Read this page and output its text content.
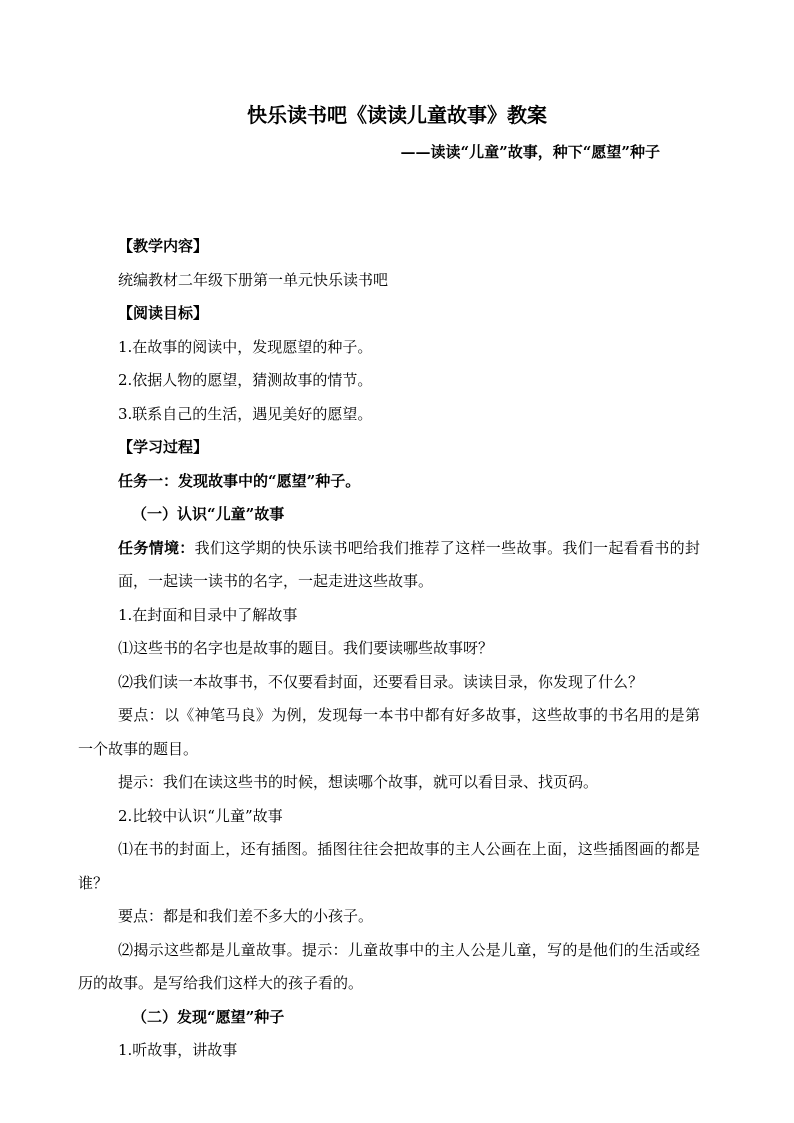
快乐读书吧《读读儿童故事》教案
——读读“儿童”故事，种下“愿望”种子
【教学内容】
统编教材二年级下册第一单元快乐读书吧
【阅读目标】
1.在故事的阅读中，发现愿望的种子。
2.依据人物的愿望，猜测故事的情节。
3.联系自己的生活，遇见美好的愿望。
【学习过程】
任务一：发现故事中的“愿望”种子。
（一）认识“儿童”故事
任务情境：我们这学期的快乐读书吧给我们推荐了这样一些故事。我们一起看看书的封面，一起读一读书的名字，一起走进这些故事。
1.在封面和目录中了解故事
⑴这些书的名字也是故事的题目。我们要读哪些故事呀？
⑵我们读一本故事书，不仅要看封面，还要看目录。读读目录，你发现了什么？
要点：以《神笔马良》为例，发现每一本书中都有好多故事，这些故事的书名用的是第一个故事的题目。
提示：我们在读这些书的时候，想读哪个故事，就可以看目录、找页码。
2.比较中认识“儿童”故事
⑴在书的封面上，还有插图。插图往往会把故事的主人公画在上面，这些插图画的都是谁？
要点：都是和我们差不多大的小孩子。
⑵揭示这些都是儿童故事。提示：儿童故事中的主人公是儿童，写的是他们的生活或经历的故事。是写给我们这样大的孩子看的。
（二）发现“愿望”种子
1.听故事，讲故事
